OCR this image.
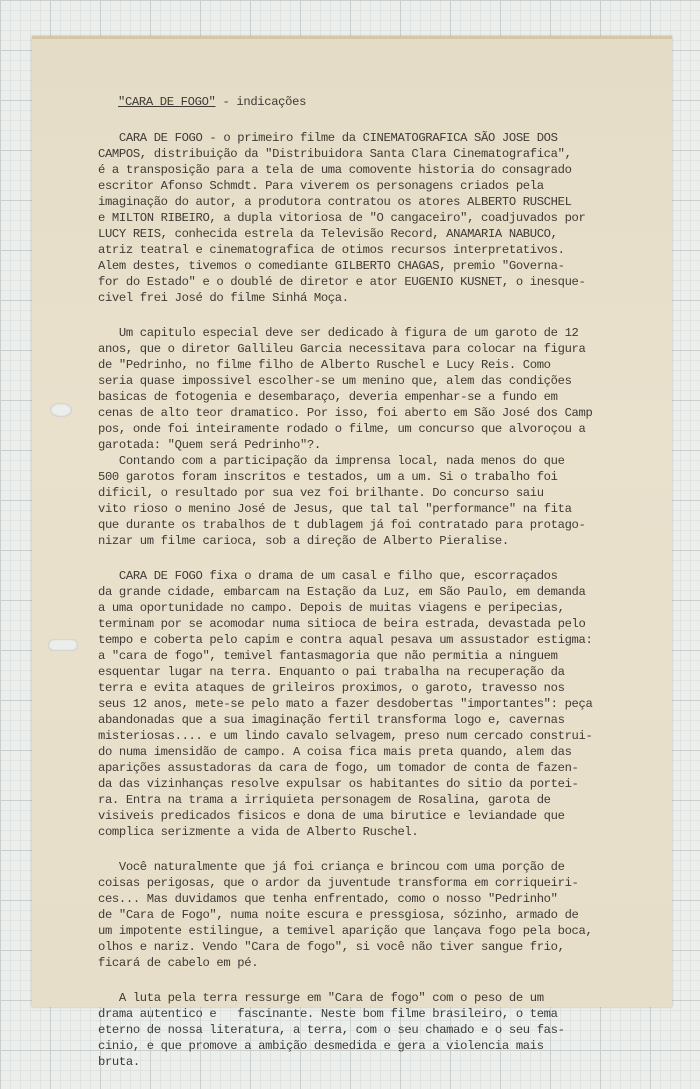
"CARA DE FOGO" - indicações
CARA DE FOGO - o primeiro filme da CINEMATOGRAFICA SÃO JOSE DOS
CAMPOS, distribuição da "Distribuidora Santa Clara Cinematografica",
é a transposição para a tela de uma comovente historia do consagrado
escritor Afonso Schmdt. Para viverem os personagens criados pela
imaginação do autor, a produtora contratou os atores ALBERTO RUSCHEL
e MILTON RIBEIRO, a dupla vitoriosa de "O cangaceiro", coadjuvados por
LUCY REIS, conhecida estrela da Televisão Record, ANAMARIA NABUCO,
atriz teatral e cinematografica de otimos recursos interpretativos.
Alem destes, tivemos o comediante GILBERTO CHAGAS, premio "Governa-
for do Estado" e o doublé de diretor e ator EUGENIO KUSNET, o inesque-
civel frei José do filme Sinhá Moça.
Um capitulo especial deve ser dedicado à figura de um garoto de 12
anos, que o diretor Gallileu Garcia necessitava para colocar na figura
de "Pedrinho, no filme filho de Alberto Ruschel e Lucy Reis. Como
seria quase impossivel escolher-se um menino que, alem das condições
basicas de fotogenia e desembaraço, deveria empenhar-se a fundo em
cenas de alto teor dramatico. Por isso, foi aberto em São José dos Camp
pos, onde foi inteiramente rodado o filme, um concurso que alvoroçou a
garotada: "Quem será Pedrinho"?.
Contando com a participação da imprensa local, nada menos do que
500 garotos foram inscritos e testados, um a um. Si o trabalho foi
dificil, o resultado por sua vez foi brilhante. Do concurso saiu
vito rioso o menino José de Jesus, que tal tal "performance" na fita
que durante os trabalhos de t dublagem já foi contratado para protago-
nizar um filme carioca, sob a direção de Alberto Pieralise.
CARA DE FOGO fixa o drama de um casal e filho que, escorraçados
da grande cidade, embarcam na Estação da Luz, em São Paulo, em demanda
a uma oportunidade no campo. Depois de muitas viagens e peripecias,
terminam por se acomodar numa sitioca de beira estrada, devastada pelo
tempo e coberta pelo capim e contra aqual pesava um assustador estigma:
a "cara de fogo", temivel fantasmagoria que não permitia a ninguem
esquentar lugar na terra. Enquanto o pai trabalha na recuperação da
terra e evita ataques de grileiros proximos, o garoto, travesso nos
seus 12 anos, mete-se pelo mato a fazer desdobertas "importantes": peça
abandonadas que a sua imaginação fertil transforma logo e, cavernas
misteriosas.... e um lindo cavalo selvagem, preso num cercado construi-
do numa imensidão de campo. A coisa fica mais preta quando, alem das
aparições assustadoras da cara de fogo, um tomador de conta de fazen-
da das vizinhanças resolve expulsar os habitantes do sitio da portei-
ra. Entra na trama a irriquieta personagem de Rosalina, garota de
visiveis predicados fisicos e dona de uma birutice e leviandade que
complica serizmente a vida de Alberto Ruschel.
Você naturalmente que já foi criança e brincou com uma porção de
coisas perigosas, que o ardor da juventude transforma em corriqueiri-
ces... Mas duvidamos que tenha enfrentado, como o nosso "Pedrinho"
de "Cara de Fogo", numa noite escura e pressgiosa, sózinho, armado de
um impotente estilingue, a temivel aparição que lançava fogo pela boca,
olhos e nariz. Vendo "Cara de fogo", si você não tiver sangue frio,
ficará de cabelo em pé.
A luta pela terra ressurge em "Cara de fogo" com o peso de um
drama autentico e   fascinante. Neste bom filme brasileiro, o tema
eterno de nossa literatura, a terra, com o seu chamado e o seu fas-
cinio, e que promove a ambição desmedida e gera a violencia mais
bruta.
